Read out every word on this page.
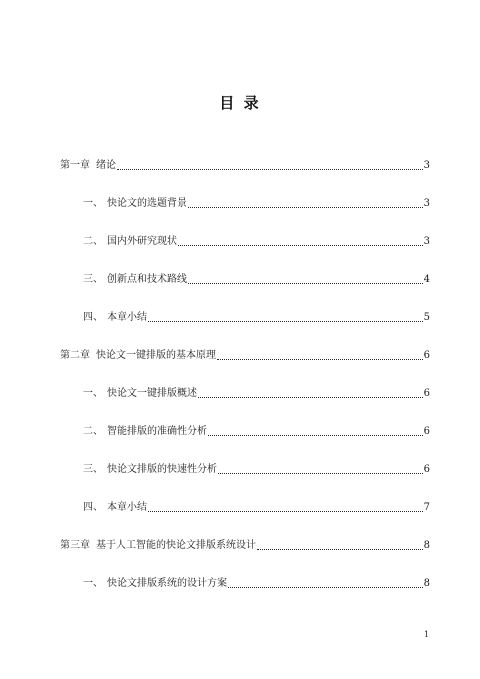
目 录
第一章 绪论	3
一、 快论文的选题背景	3
二、 国内外研究现状	3
三、 创新点和技术路线	4
四、 本章小结	5
第二章 快论文一键排版的基本原理	6
一、 快论文一键排版概述	6
二、 智能排版的准确性分析	6
三、 快论文排版的快速性分析	6
四、 本章小结	7
第三章 基于人工智能的快论文排版系统设计	8
一、 快论文排版系统的设计方案	8
1
